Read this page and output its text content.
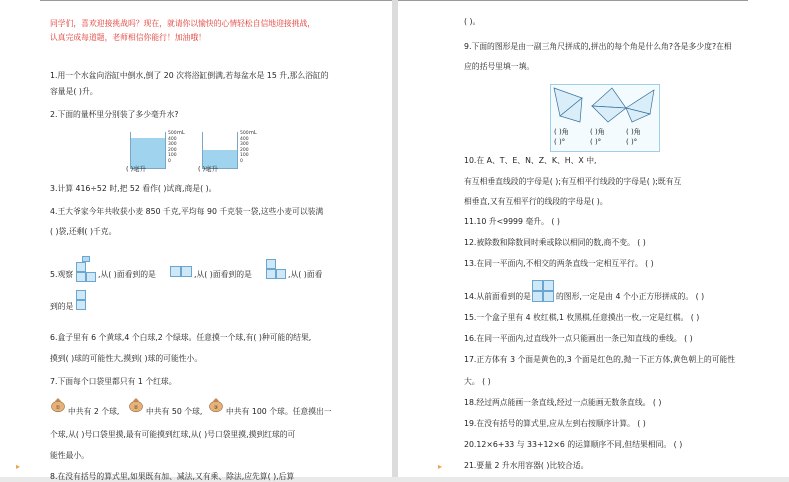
同学们，喜欢迎接挑战吗？现在，就请你以愉快的心情轻松自信地迎接挑战，
认真完成每道题，老师相信你能行！加油哦！
1.用一个水盆向浴缸中倒水,倒了 20 次将浴缸倒满,若每盆水是 15 升,那么浴缸的
容量是( )升。
2.下面的量杯里分别装了多少毫升水?
500
400
300
200
100
0
mL
( )毫升
500
400
300
200
100
0
mL
( )毫升
3.计算 416÷52 时,把 52 看作( )试商,商是( )。
4.王大爷家今年共收获小麦 850 千克,平均每 90 千克装一袋,这些小麦可以装满
( )袋,还剩( )千克。
5.观察	,从( )面看到的是	,从( )面看到的是	,从( )面看
到的是
6.盒子里有 6 个黄球,4 个白球,2 个绿球。任意摸一个球,有( )种可能的结果,
摸到( )球的可能性大,摸到( )球的可能性小。
7.下面每个口袋里都只有 1 个红球。
① 中共有 2 个球,	② 中共有 50 个球, ③ 中共有 100 个球。任意摸出一
个球,从( )号口袋里摸,最有可能摸到红球,从( )号口袋里摸,摸到红球的可
能性最小。
8.在没有括号的算式里,如果既有加、减法,又有乘、除法,应先算( ),后算
▸
( )。
9.下面的图形是由一副三角尺拼成的,拼出的每个角是什么角?各是多少度?在相
应的括号里填一填。
( )角	( )角	( )角
( )°	( )°	( )°
10.在 A、T、E、N、Z、K、H、X 中,
有互相垂直线段的字母是( );有互相平行线段的字母是( );既有互
相垂直,又有互相平行的线段的字母是( )。
11.10 升<9999 毫升。 ( )
12.被除数和除数同时乘或除以相同的数,商不变。 ( )
13.在同一平面内,不相交的两条直线一定相互平行。 ( )
14.从前面看到的是	的图形,一定是由 4 个小正方形拼成的。 ( )
15.一个盒子里有 4 枚红棋,1 枚黑棋,任意摸出一枚,一定是红棋。 ( )
16.在同一平面内,过直线外一点只能画出一条已知直线的垂线。 ( )
17.正方体有 3 个面是黄色的,3 个面是红色的,抛一下正方体,黄色朝上的可能性
大。 ( )
18.经过两点能画一条直线,经过一点能画无数条直线。 ( )
19.在没有括号的算式里,应从左到右按顺序计算。 ( )
20.12×6+33 与 33+12×6 的运算顺序不同,但结果相同。 ( )
21.要量 2 升水用容器( )比较合适。
▸
